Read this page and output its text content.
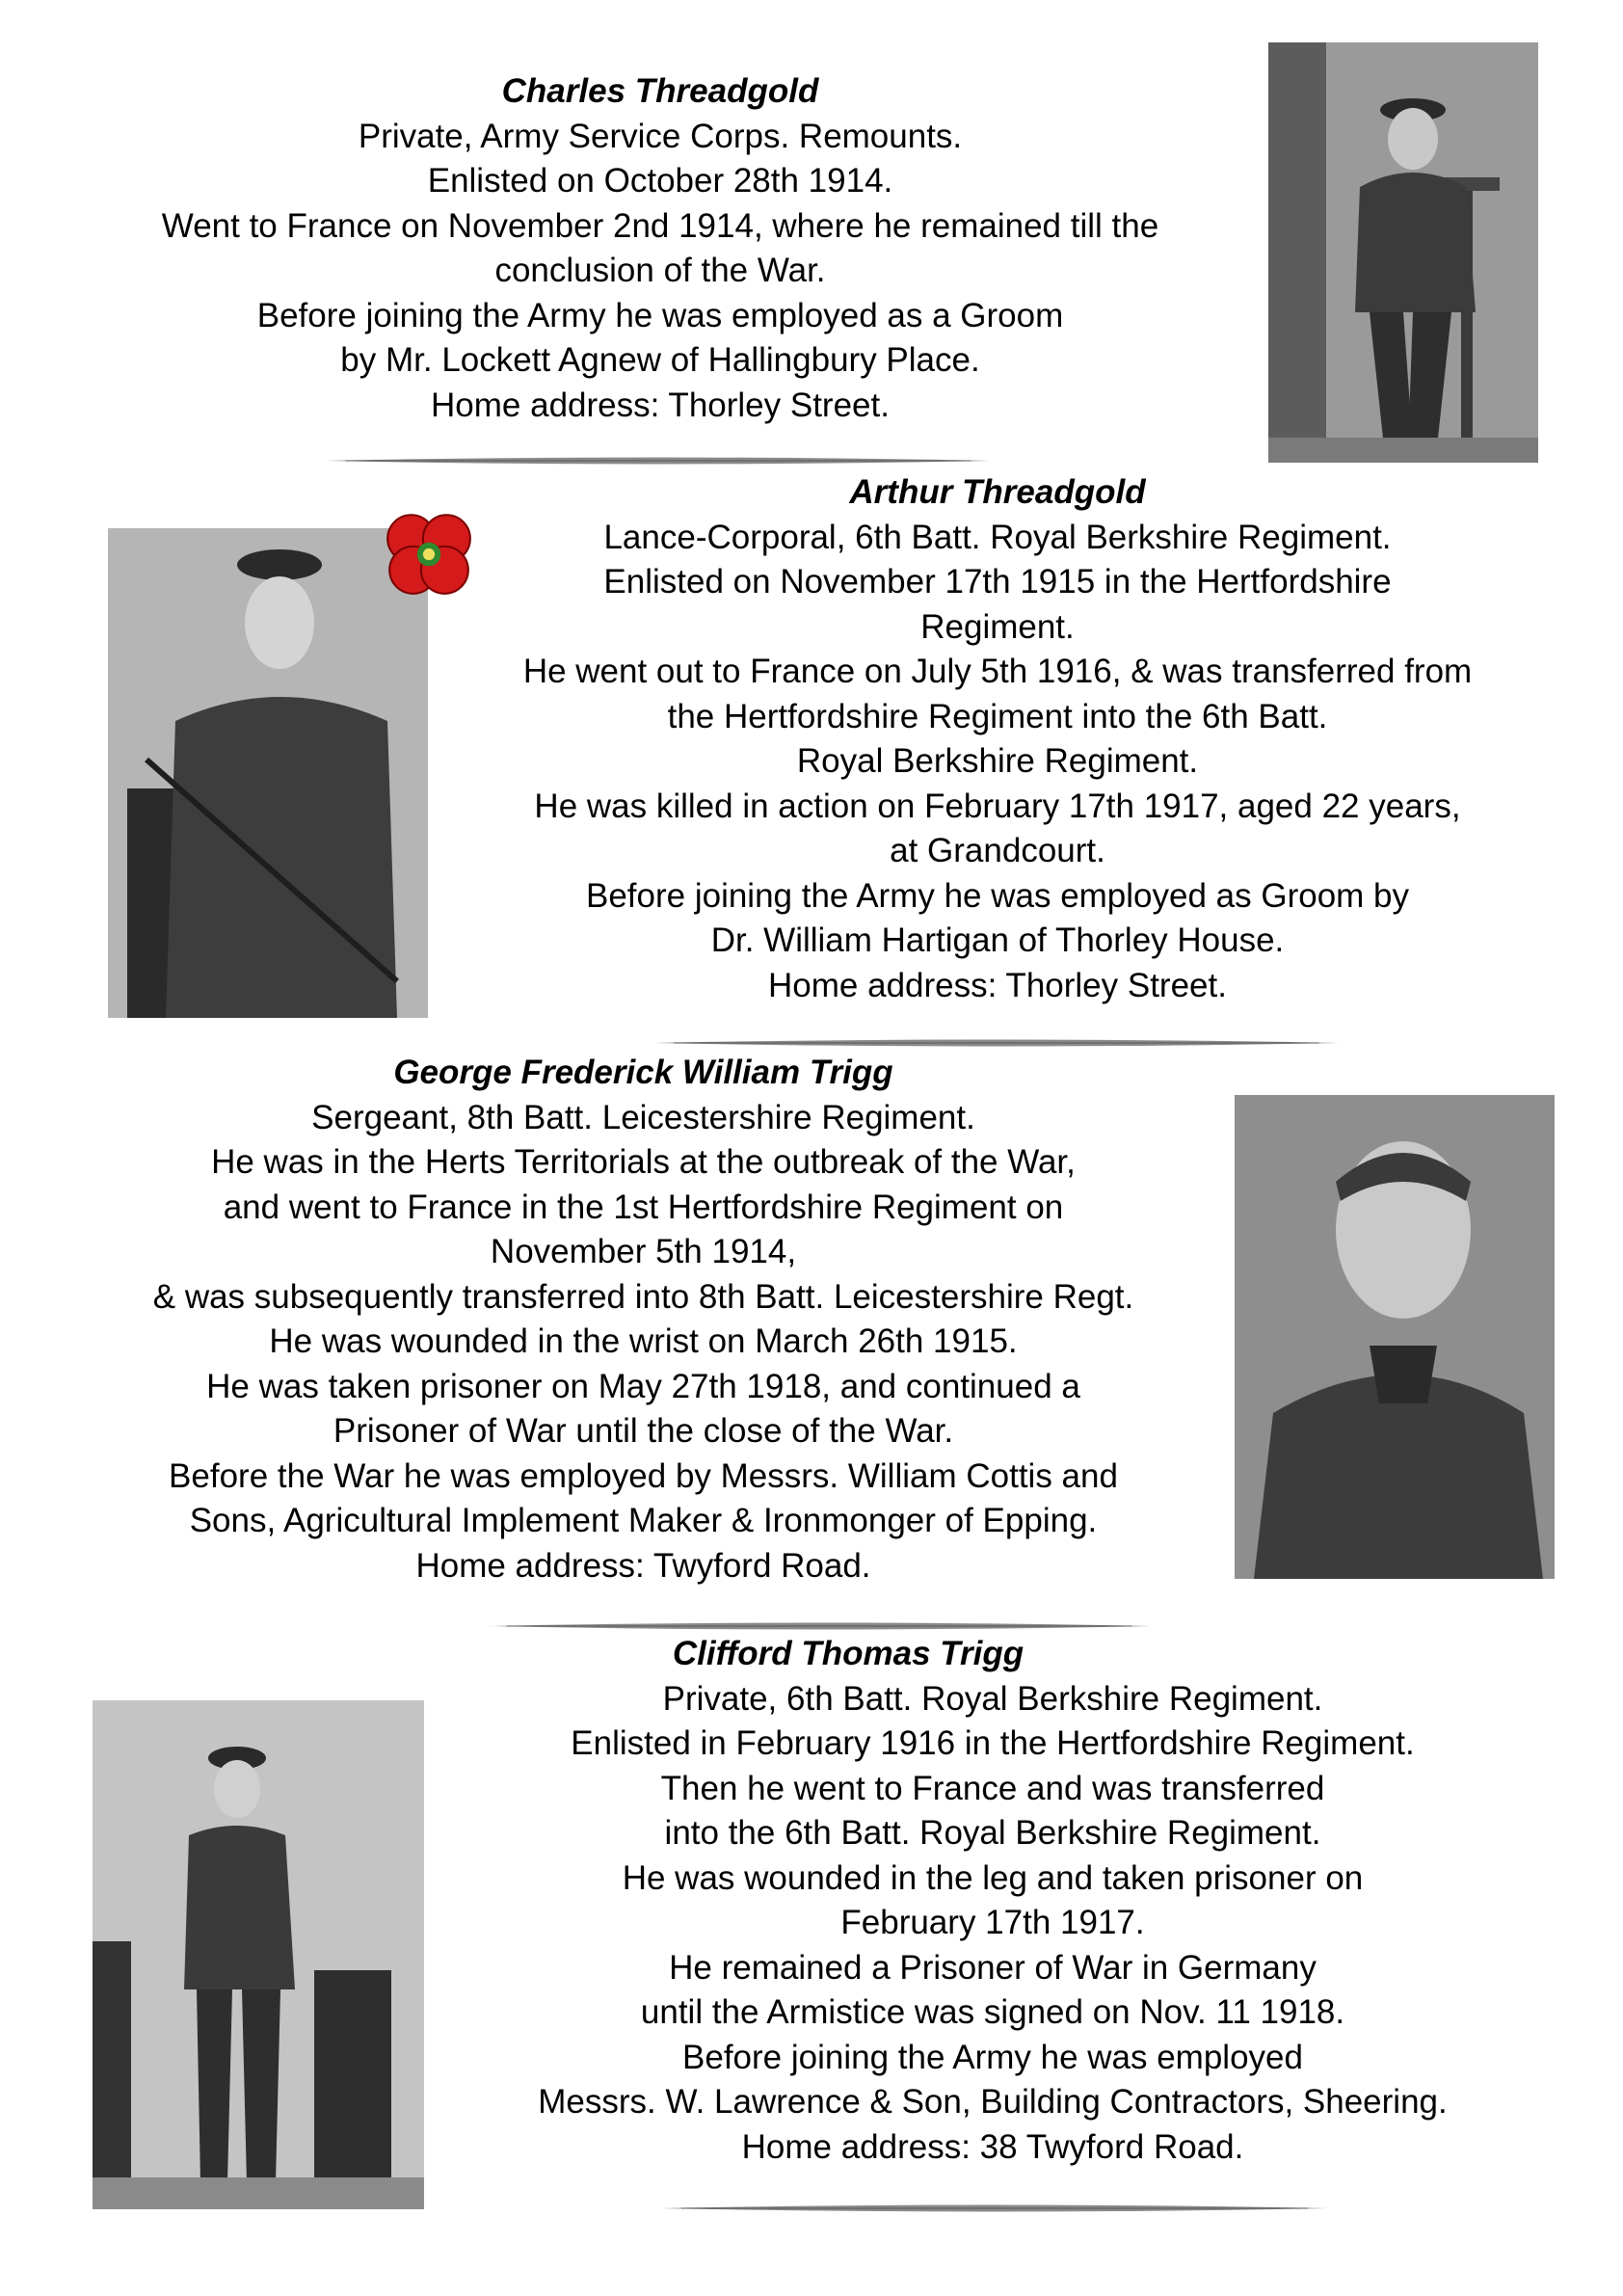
Charles Threadgold
Private, Army Service Corps. Remounts.
Enlisted on October 28th 1914.
Went to France on November 2nd 1914, where he remained till the
conclusion of the War.
Before joining the Army he was employed as a Groom
by Mr. Lockett Agnew of Hallingbury Place.
Home address: Thorley Street.
Arthur Threadgold
Lance-Corporal, 6th Batt. Royal Berkshire Regiment.
Enlisted on November 17th 1915 in the Hertfordshire
Regiment.
He went out to France on July 5th 1916, & was transferred from
the Hertfordshire Regiment into the 6th Batt.
Royal Berkshire Regiment.
He was killed in action on February 17th 1917, aged 22 years,
at Grandcourt.
Before joining the Army he was employed as Groom by
Dr. William Hartigan of Thorley House.
Home address: Thorley Street.
George Frederick William Trigg
Sergeant, 8th Batt. Leicestershire Regiment.
He was in the Herts Territorials at the outbreak of the War,
and went to France in the 1st Hertfordshire Regiment on
November 5th 1914,
& was subsequently transferred into 8th Batt. Leicestershire Regt.
He was wounded in the wrist on March 26th 1915.
He was taken prisoner on May 27th 1918, and continued a
Prisoner of War until the close of the War.
Before the War he was employed by Messrs. William Cottis and
Sons, Agricultural Implement Maker & Ironmonger of Epping.
Home address: Twyford Road.
Clifford Thomas Trigg
Private, 6th Batt. Royal Berkshire Regiment.
Enlisted in February 1916 in the Hertfordshire Regiment.
Then he went to France and was transferred
into the 6th Batt. Royal Berkshire Regiment.
He was wounded in the leg and taken prisoner on
February 17th 1917.
He remained a Prisoner of War in Germany
until the Armistice was signed on Nov. 11 1918.
Before joining the Army he was employed
Messrs. W. Lawrence & Son, Building Contractors, Sheering.
Home address: 38 Twyford Road.
